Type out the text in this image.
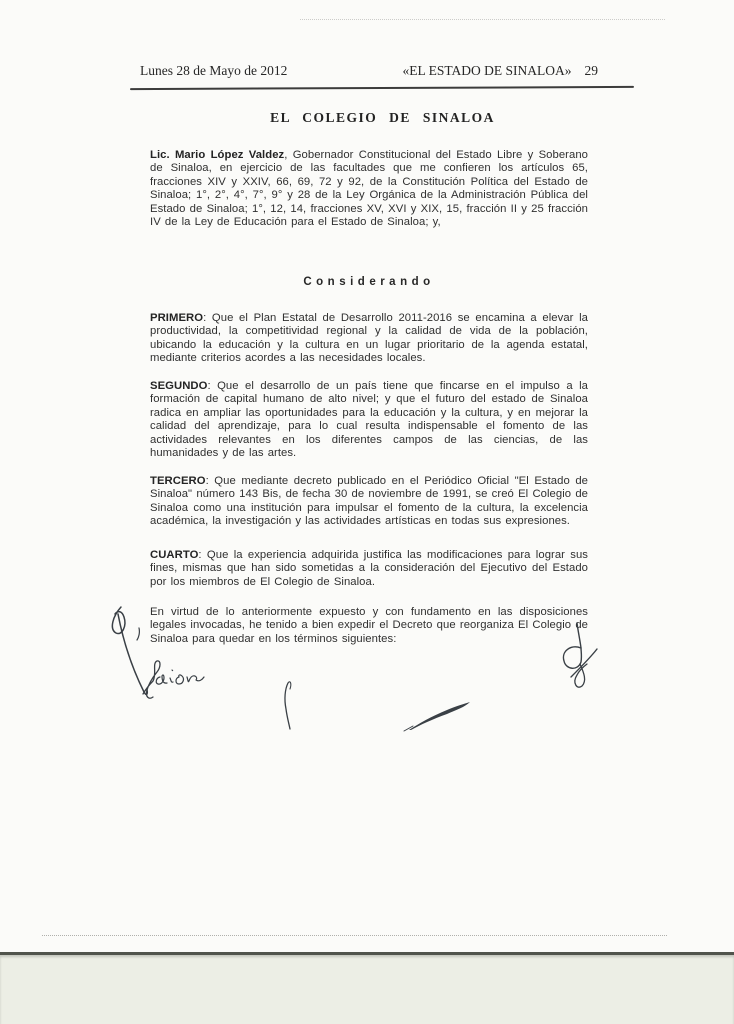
Lunes 28 de Mayo de 2012	«EL ESTADO DE SINALOA» 29
EL COLEGIO DE SINALOA

Lic. Mario López Valdez, Gobernador Constitucional del Estado Libre y Soberano de Sinaloa, en ejercicio de las facultades que me confieren los artículos 65, fracciones XIV y XXIV, 66, 69, 72 y 92, de la Constitución Política del Estado de Sinaloa; 1°, 2°, 4°, 7°, 9° y 28 de la Ley Orgánica de la Administración Pública del Estado de Sinaloa; 1°, 12, 14, fracciones XV, XVI y XIX, 15, fracción II y 25 fracción IV de la Ley de Educación para el Estado de Sinaloa; y,

Considerando

PRIMERO: Que el Plan Estatal de Desarrollo 2011-2016 se encamina a elevar la productividad, la competitividad regional y la calidad de vida de la población, ubicando la educación y la cultura en un lugar prioritario de la agenda estatal, mediante criterios acordes a las necesidades locales.

SEGUNDO: Que el desarrollo de un país tiene que fincarse en el impulso a la formación de capital humano de alto nivel; y que el futuro del estado de Sinaloa radica en ampliar las oportunidades para la educación y la cultura, y en mejorar la calidad del aprendizaje, para lo cual resulta indispensable el fomento de las actividades relevantes en los diferentes campos de las ciencias, de las humanidades y de las artes.

TERCERO: Que mediante decreto publicado en el Periódico Oficial "El Estado de Sinaloa" número 143 Bis, de fecha 30 de noviembre de 1991, se creó El Colegio de Sinaloa como una institución para impulsar el fomento de la cultura, la excelencia académica, la investigación y las actividades artísticas en todas sus expresiones.

CUARTO: Que la experiencia adquirida justifica las modificaciones para lograr sus fines, mismas que han sido sometidas a la consideración del Ejecutivo del Estado por los miembros de El Colegio de Sinaloa.

En virtud de lo anteriormente expuesto y con fundamento en las disposiciones legales invocadas, he tenido a bien expedir el Decreto que reorganiza El Colegio de Sinaloa para quedar en los términos siguientes:
